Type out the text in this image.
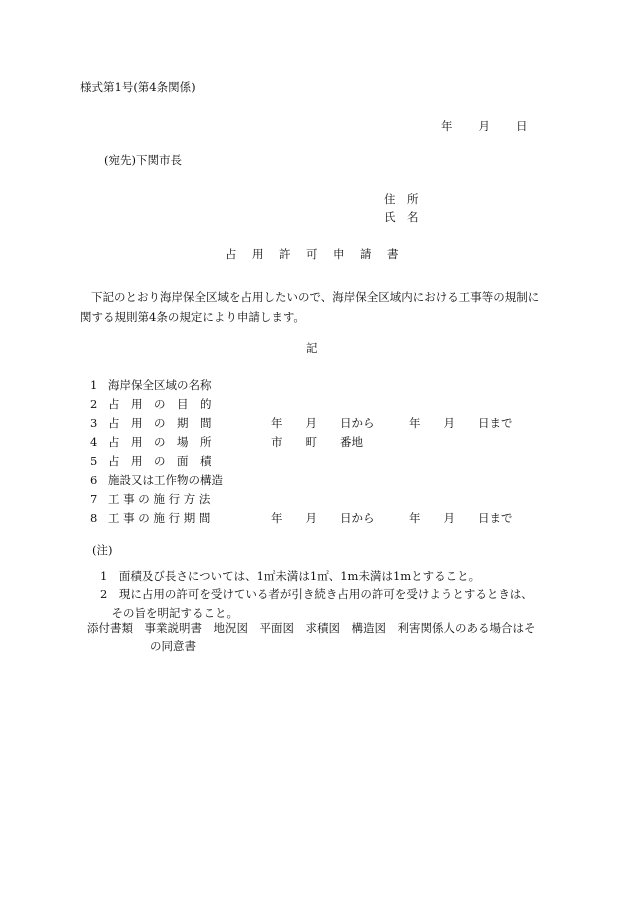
様式第1号(第4条関係)
年 月 日
(宛先)下関市長
住　所
氏　名
占 用 許 可 申 請 書
下記のとおり海岸保全区域を占用したいので、海岸保全区域内における工事等の規制に関する規則第4条の規定により申請します。
記
1 海岸保全区域の名称
2 占　用　の　目　的
3 占　用　の　期　間	年　　月　　日から　　　年　　月　　日まで
4 占　用　の　場　所	市　　町　　番地
5 占　用　の　面　積
6 施設又は工作物の構造
7 工 事 の 施 行 方 法
8 工 事 の 施 行 期 間	年　　月　　日から　　　年　　月　　日まで
(注)
1　面積及び長さについては、1㎡未満は1㎡、1m未満は1mとすること。
2　現に占用の許可を受けている者が引き続き占用の許可を受けようとするときは、
　その旨を明記すること。
添付書類　事業説明書　地況図　平面図　求積図　構造図　利害関係人のある場合はそ
の同意書
